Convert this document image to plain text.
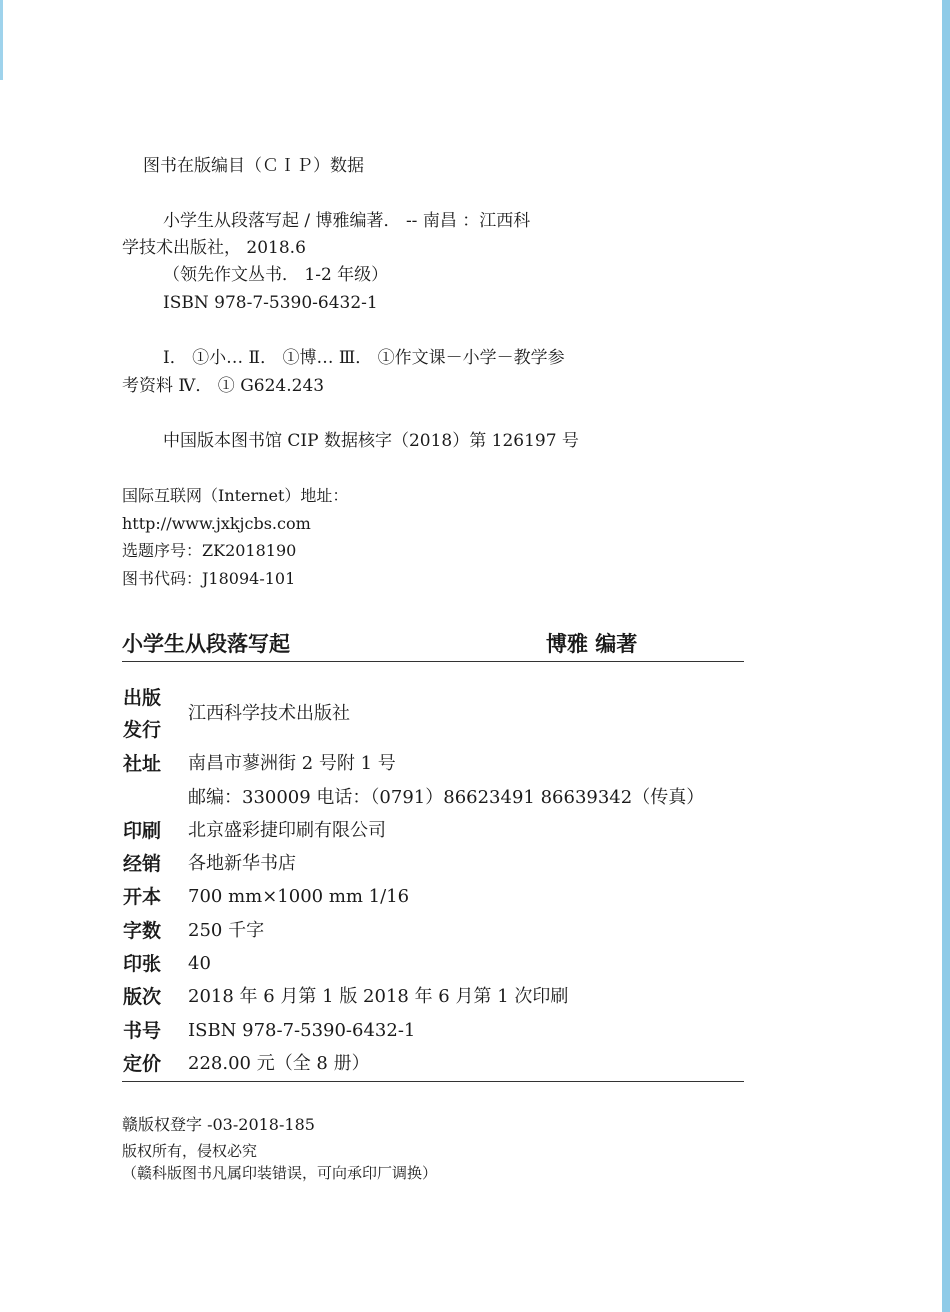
图书在版编目（ＣＩＰ）数据
小学生从段落写起 / 博雅编著． -- 南昌 ：江西科
学技术出版社， 2018.6
（领先作文丛书． 1-2 年级）
ISBN 978-7-5390-6432-1
Ⅰ． ①小… Ⅱ． ①博… Ⅲ． ①作文课－小学－教学参
考资料 Ⅳ． ① G624.243
中国版本图书馆 CIP 数据核字（2018）第 126197 号
国际互联网（Internet）地址：
http://www.jxkjcbs.com
选题序号：ZK2018190
图书代码：J18094-101
小学生从段落写起	博雅 编著
出版
发行
江西科学技术出版社
社址 南昌市蓼洲街 2 号附 1 号
邮编：330009 电话：（0791）86623491 86639342（传真）
印刷 北京盛彩捷印刷有限公司
经销 各地新华书店
开本 700 mm×1000 mm 1/16
字数 250 千字
印张 40
版次 2018 年 6 月第 1 版 2018 年 6 月第 1 次印刷
书号 ISBN 978-7-5390-6432-1
定价 228.00 元（全 8 册）
赣版权登字 -03-2018-185
版权所有，侵权必究
（赣科版图书凡属印装错误，可向承印厂调换）
